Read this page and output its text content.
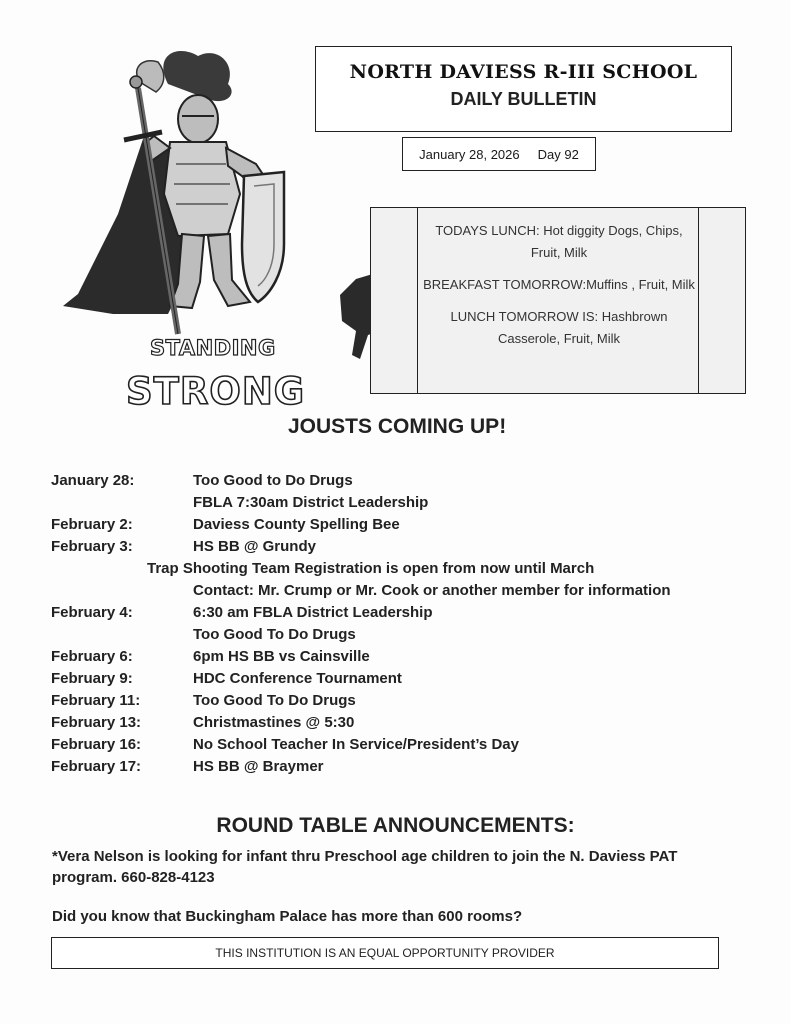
STANDING
STRONG
NORTH DAVIESS R-III SCHOOL
DAILY BULLETIN
January 28, 2026 Day 92

TODAYS LUNCH: Hot diggity Dogs, Chips, Fruit, Milk

BREAKFAST TOMORROW:Muffins , Fruit, Milk

LUNCH TOMORROW IS: Hashbrown Casserole, Fruit, Milk

JOUSTS COMING UP!
January 28:	Too Good to Do Drugs
FBLA 7:30am District Leadership
February 2:	Daviess County Spelling Bee
February 3:	HS BB @ Grundy
Trap Shooting Team Registration is open from now until March
Contact: Mr. Crump or Mr. Cook or another member for information
February 4:	6:30 am FBLA District Leadership
Too Good To Do Drugs
February 6:	6pm HS BB vs Cainsville
February 9:	HDC Conference Tournament
February 11:	Too Good To Do Drugs
February 13:	Christmastines @ 5:30
February 16:	No School Teacher In Service/President’s Day
February 17:	HS BB @ Braymer
ROUND TABLE ANNOUNCEMENTS:
*Vera Nelson is looking for infant thru Preschool age children to join the N. Daviess PAT program. 660-828-4123
Did you know that Buckingham Palace has more than 600 rooms?
THIS INSTITUTION IS AN EQUAL OPPORTUNITY PROVIDER
